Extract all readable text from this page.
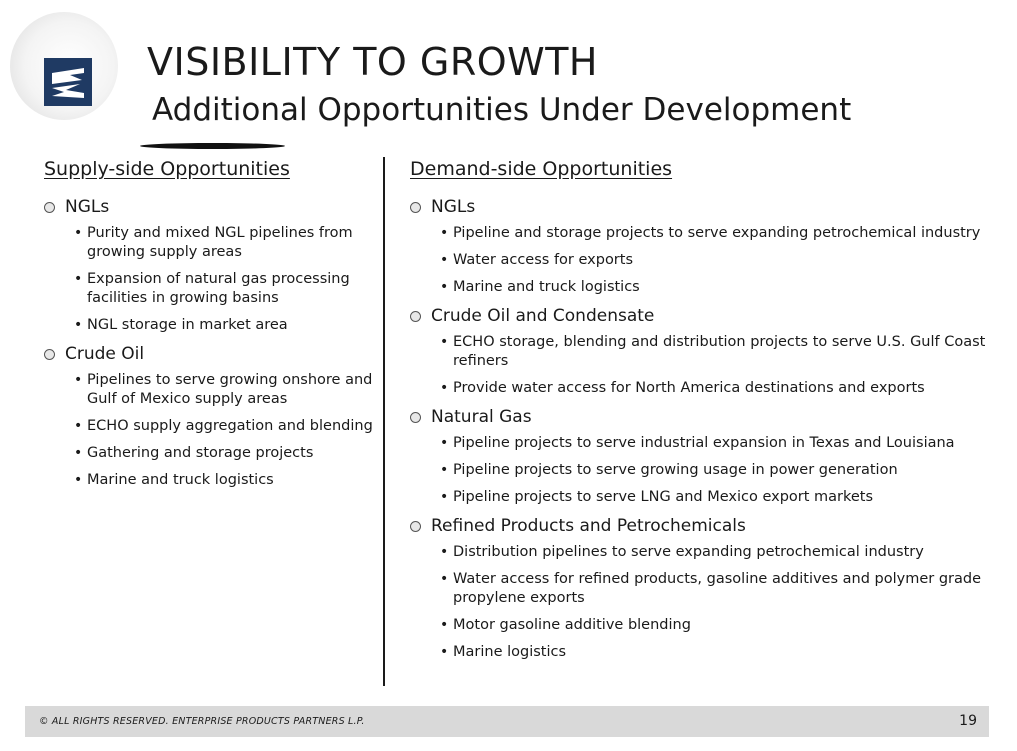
VISIBILITY TO GROWTH
Additional Opportunities Under Development
Supply-side Opportunities
NGLs
• Purity and mixed NGL pipelines from growing supply areas
• Expansion of natural gas processing facilities in growing basins
• NGL storage in market area
Crude Oil
• Pipelines to serve growing onshore and Gulf of Mexico supply areas
• ECHO supply aggregation and blending
• Gathering and storage projects
• Marine and truck logistics
Demand-side Opportunities
NGLs
• Pipeline and storage projects to serve expanding petrochemical industry
• Water access for exports
• Marine and truck logistics
Crude Oil and Condensate
• ECHO storage, blending and distribution projects to serve U.S. Gulf Coast refiners
• Provide water access for North America destinations and exports
Natural Gas
• Pipeline projects to serve industrial expansion in Texas and Louisiana
• Pipeline projects to serve growing usage in power generation
• Pipeline projects to serve LNG and Mexico export markets
Refined Products and Petrochemicals
• Distribution pipelines to serve expanding petrochemical industry
• Water access for refined products, gasoline additives and polymer grade propylene exports
• Motor gasoline additive blending
• Marine logistics
© ALL RIGHTS RESERVED. ENTERPRISE PRODUCTS PARTNERS L.P.	19
